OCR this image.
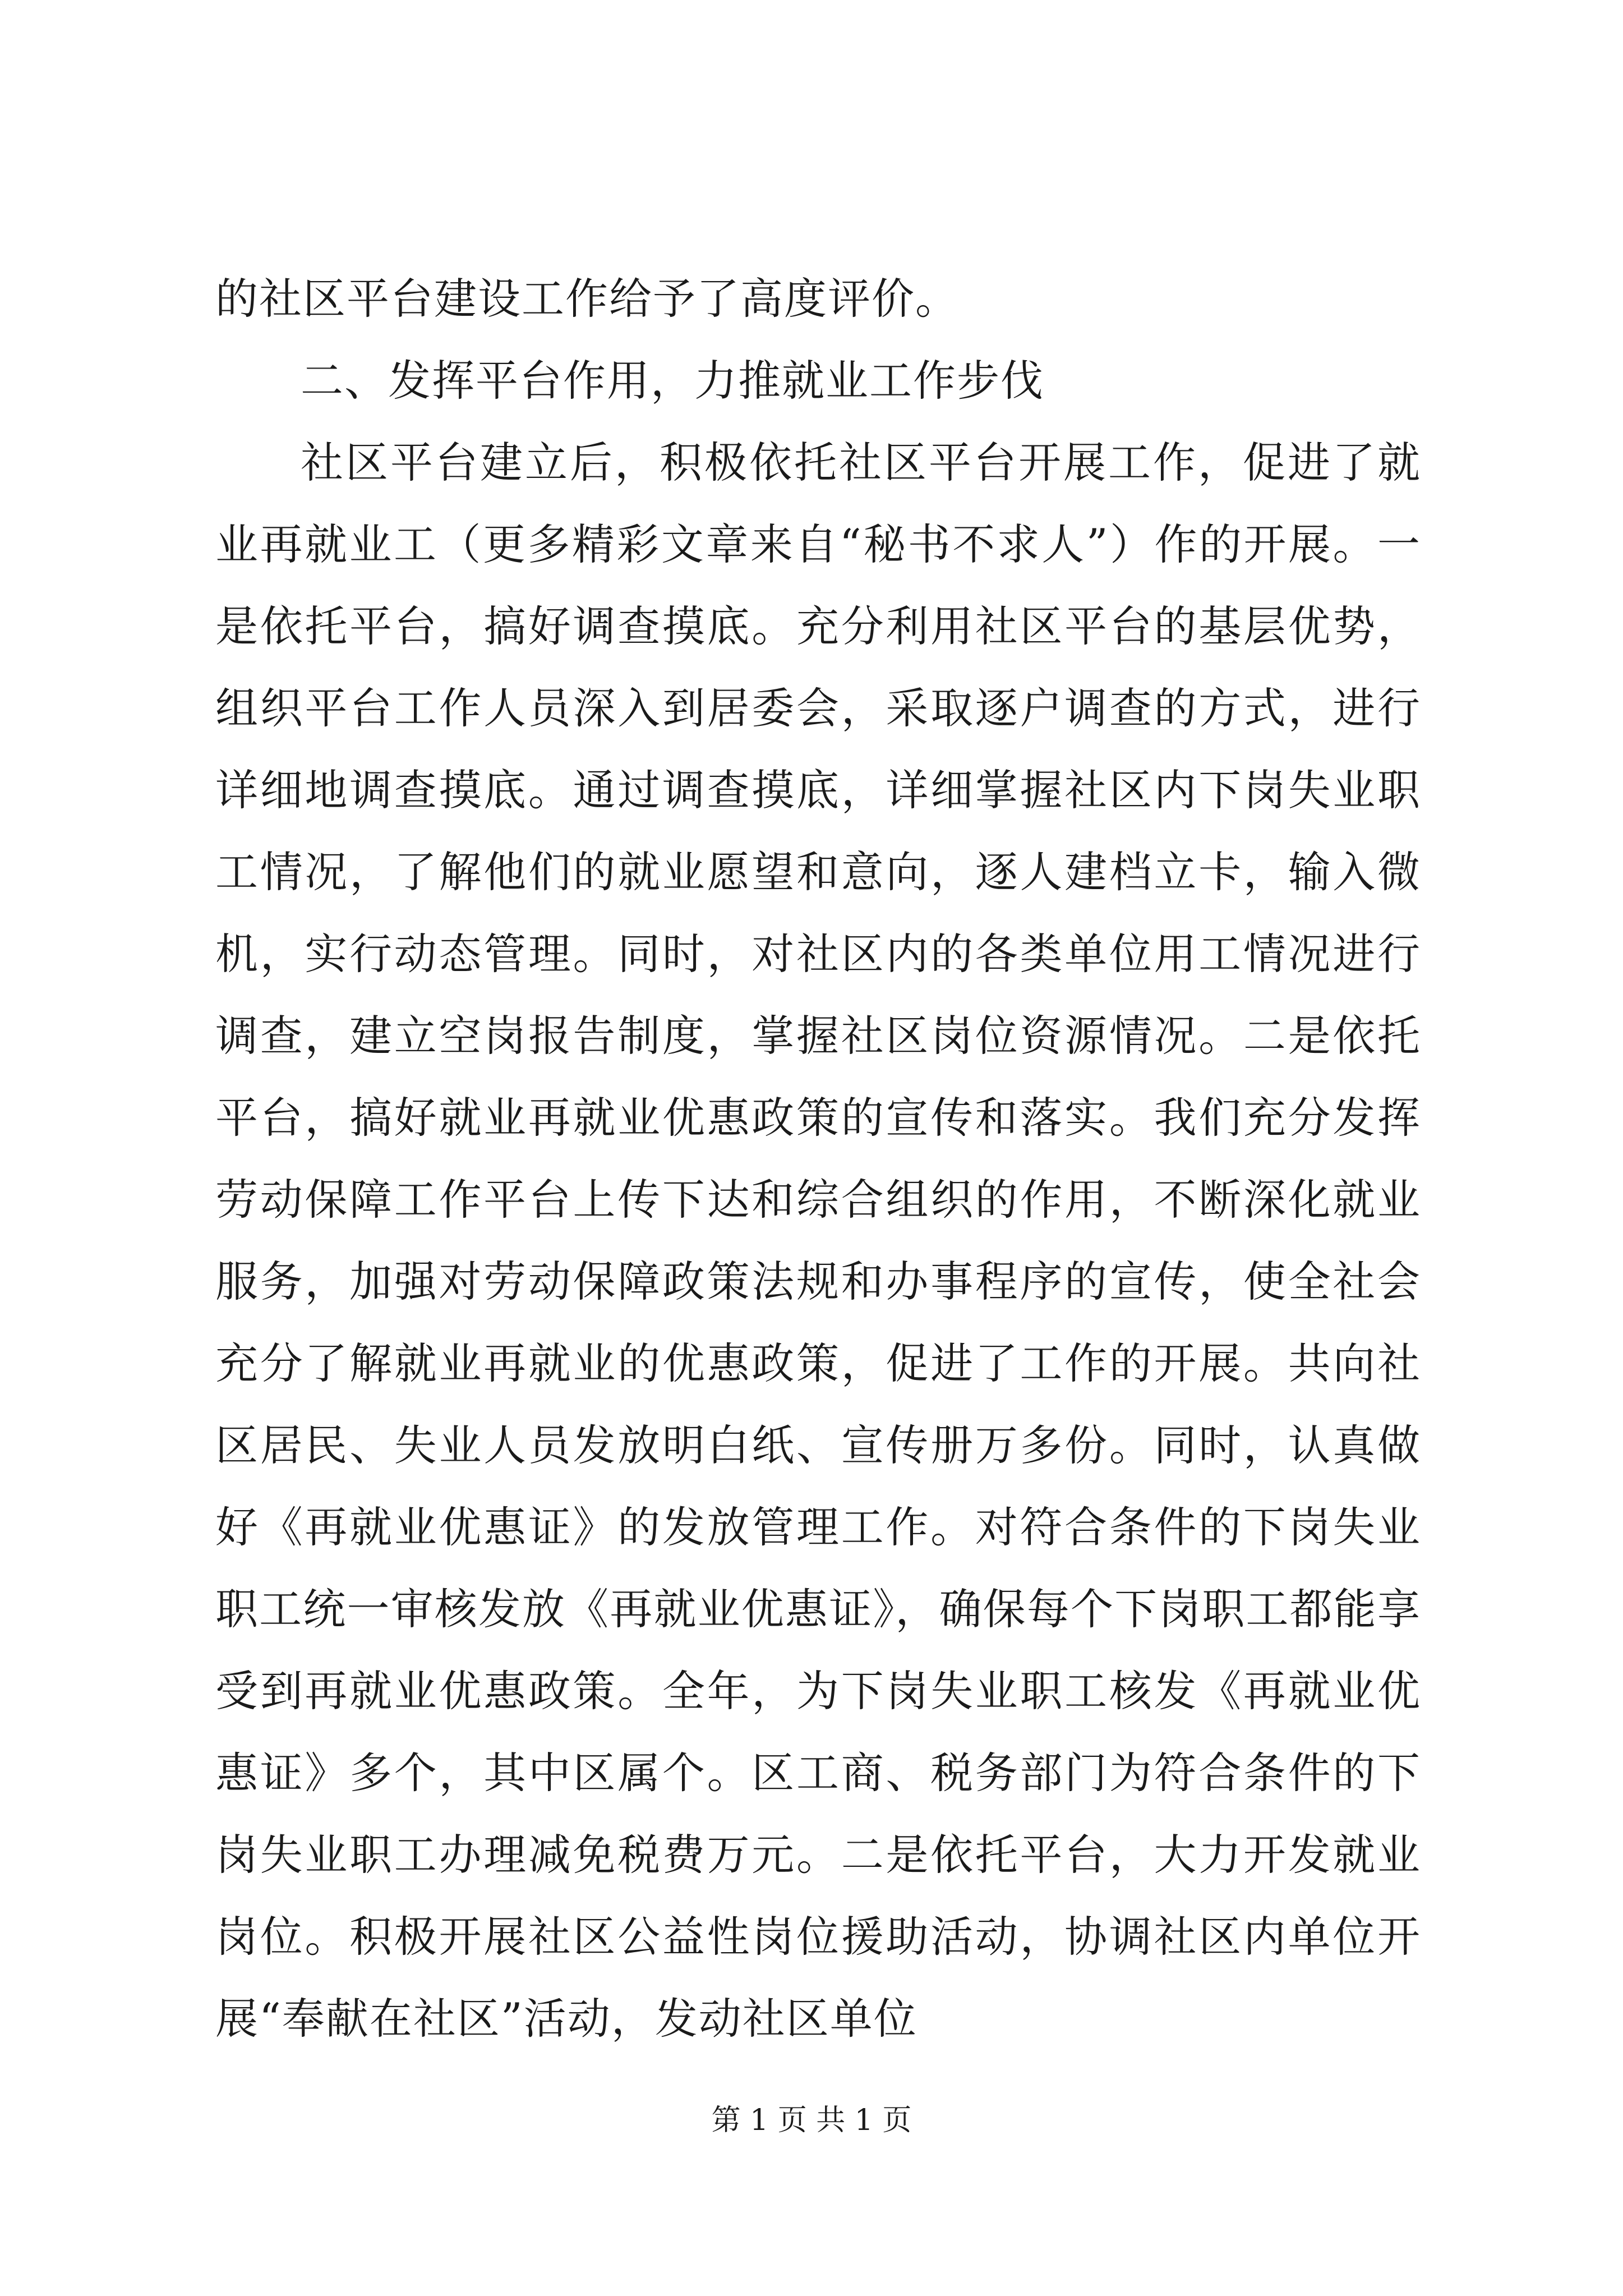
的社区平台建设工作给予了高度评价。

二、发挥平台作用，力推就业工作步伐

社区平台建立后，积极依托社区平台开展工作，促进了就业再就业工（更多精彩文章来自“秘书不求人”）作的开展。一是依托平台，搞好调查摸底。充分利用社区平台的基层优势，组织平台工作人员深入到居委会，采取逐户调查的方式，进行详细地调查摸底。通过调查摸底，详细掌握社区内下岗失业职工情况，了解他们的就业愿望和意向，逐人建档立卡，输入微机，实行动态管理。同时，对社区内的各类单位用工情况进行调查，建立空岗报告制度，掌握社区岗位资源情况。二是依托平台，搞好就业再就业优惠政策的宣传和落实。我们充分发挥劳动保障工作平台上传下达和综合组织的作用，不断深化就业服务，加强对劳动保障政策法规和办事程序的宣传，使全社会充分了解就业再就业的优惠政策，促进了工作的开展。共向社区居民、失业人员发放明白纸、宣传册万多份。同时，认真做好《再就业优惠证》的发放管理工作。对符合条件的下岗失业职工统一审核发放《再就业优惠证》，确保每个下岗职工都能享受到再就业优惠政策。全年，为下岗失业职工核发《再就业优惠证》多个，其中区属个。区工商、税务部门为符合条件的下岗失业职工办理减免税费万元。二是依托平台，大力开发就业岗位。积极开展社区公益性岗位援助活动，协调社区内单位开展“奉献在社区”活动，发动社区单位

第 1 页 共 1 页
